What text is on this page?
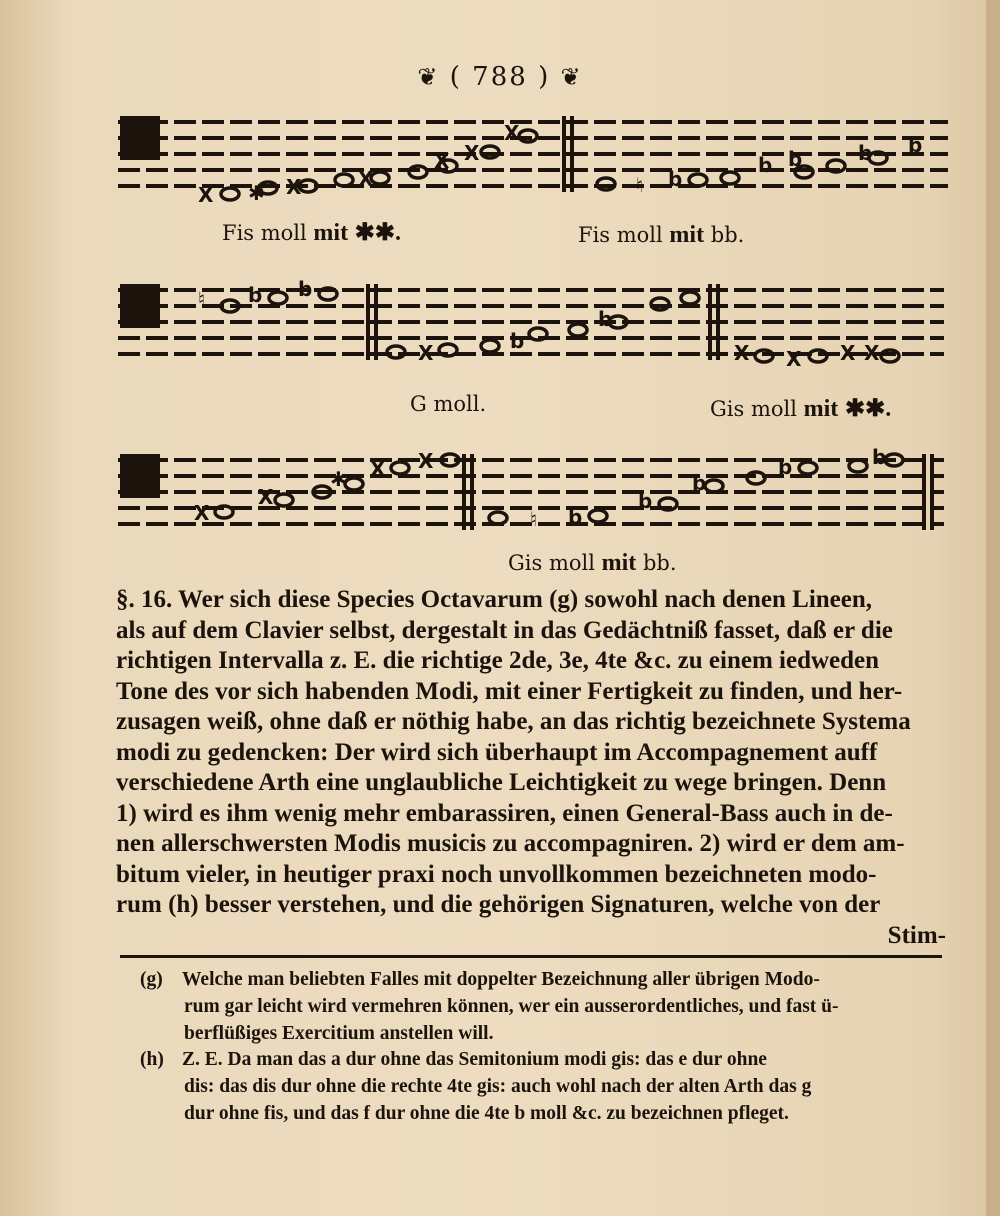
❦ ( 788 ) ❦
X ✱ X	X
X X
X
♮ b
b b	b b
Fis moll mit ✱✱.	Fis moll mit bb.
♮ b b
X	b
b
X X X X
G moll.	Gis moll mit ✱✱.
X
X
✱ X X
♮ b
b
b
b	b
Gis moll mit bb.
§. 16. Wer sich diese Species Octavarum (g) sowohl nach denen Lineen,
als auf dem Clavier selbst, dergestalt in das Gedächtniß fasset, daß er die
richtigen Intervalla z. E. die richtige 2de, 3e, 4te &c. zu einem iedweden
Tone des vor sich habenden Modi, mit einer Fertigkeit zu finden, und her-
zusagen weiß, ohne daß er nöthig habe, an das richtig bezeichnete Systema
modi zu gedencken: Der wird sich überhaupt im Accompagnement auff
verschiedene Arth eine unglaubliche Leichtigkeit zu wege bringen. Denn
1) wird es ihm wenig mehr embarassiren, einen General-Bass auch in de-
nen allerschwersten Modis musicis zu accompagniren. 2) wird er dem am-
bitum vieler, in heutiger praxi noch unvollkommen bezeichneten modo-
rum (h) besser verstehen, und die gehörigen Signaturen, welche von der
Stim-
(g) Welche man beliebten Falles mit doppelter Bezeichnung aller übrigen Modo-
rum gar leicht wird vermehren können, wer ein ausserordentliches, und fast ü-
berflüßiges Exercitium anstellen will.
(h) Z. E. Da man das a dur ohne das Semitonium modi gis: das e dur ohne
dis: das dis dur ohne die rechte 4te gis: auch wohl nach der alten Arth das g
dur ohne fis, und das f dur ohne die 4te b moll &c. zu bezeichnen pfleget.
